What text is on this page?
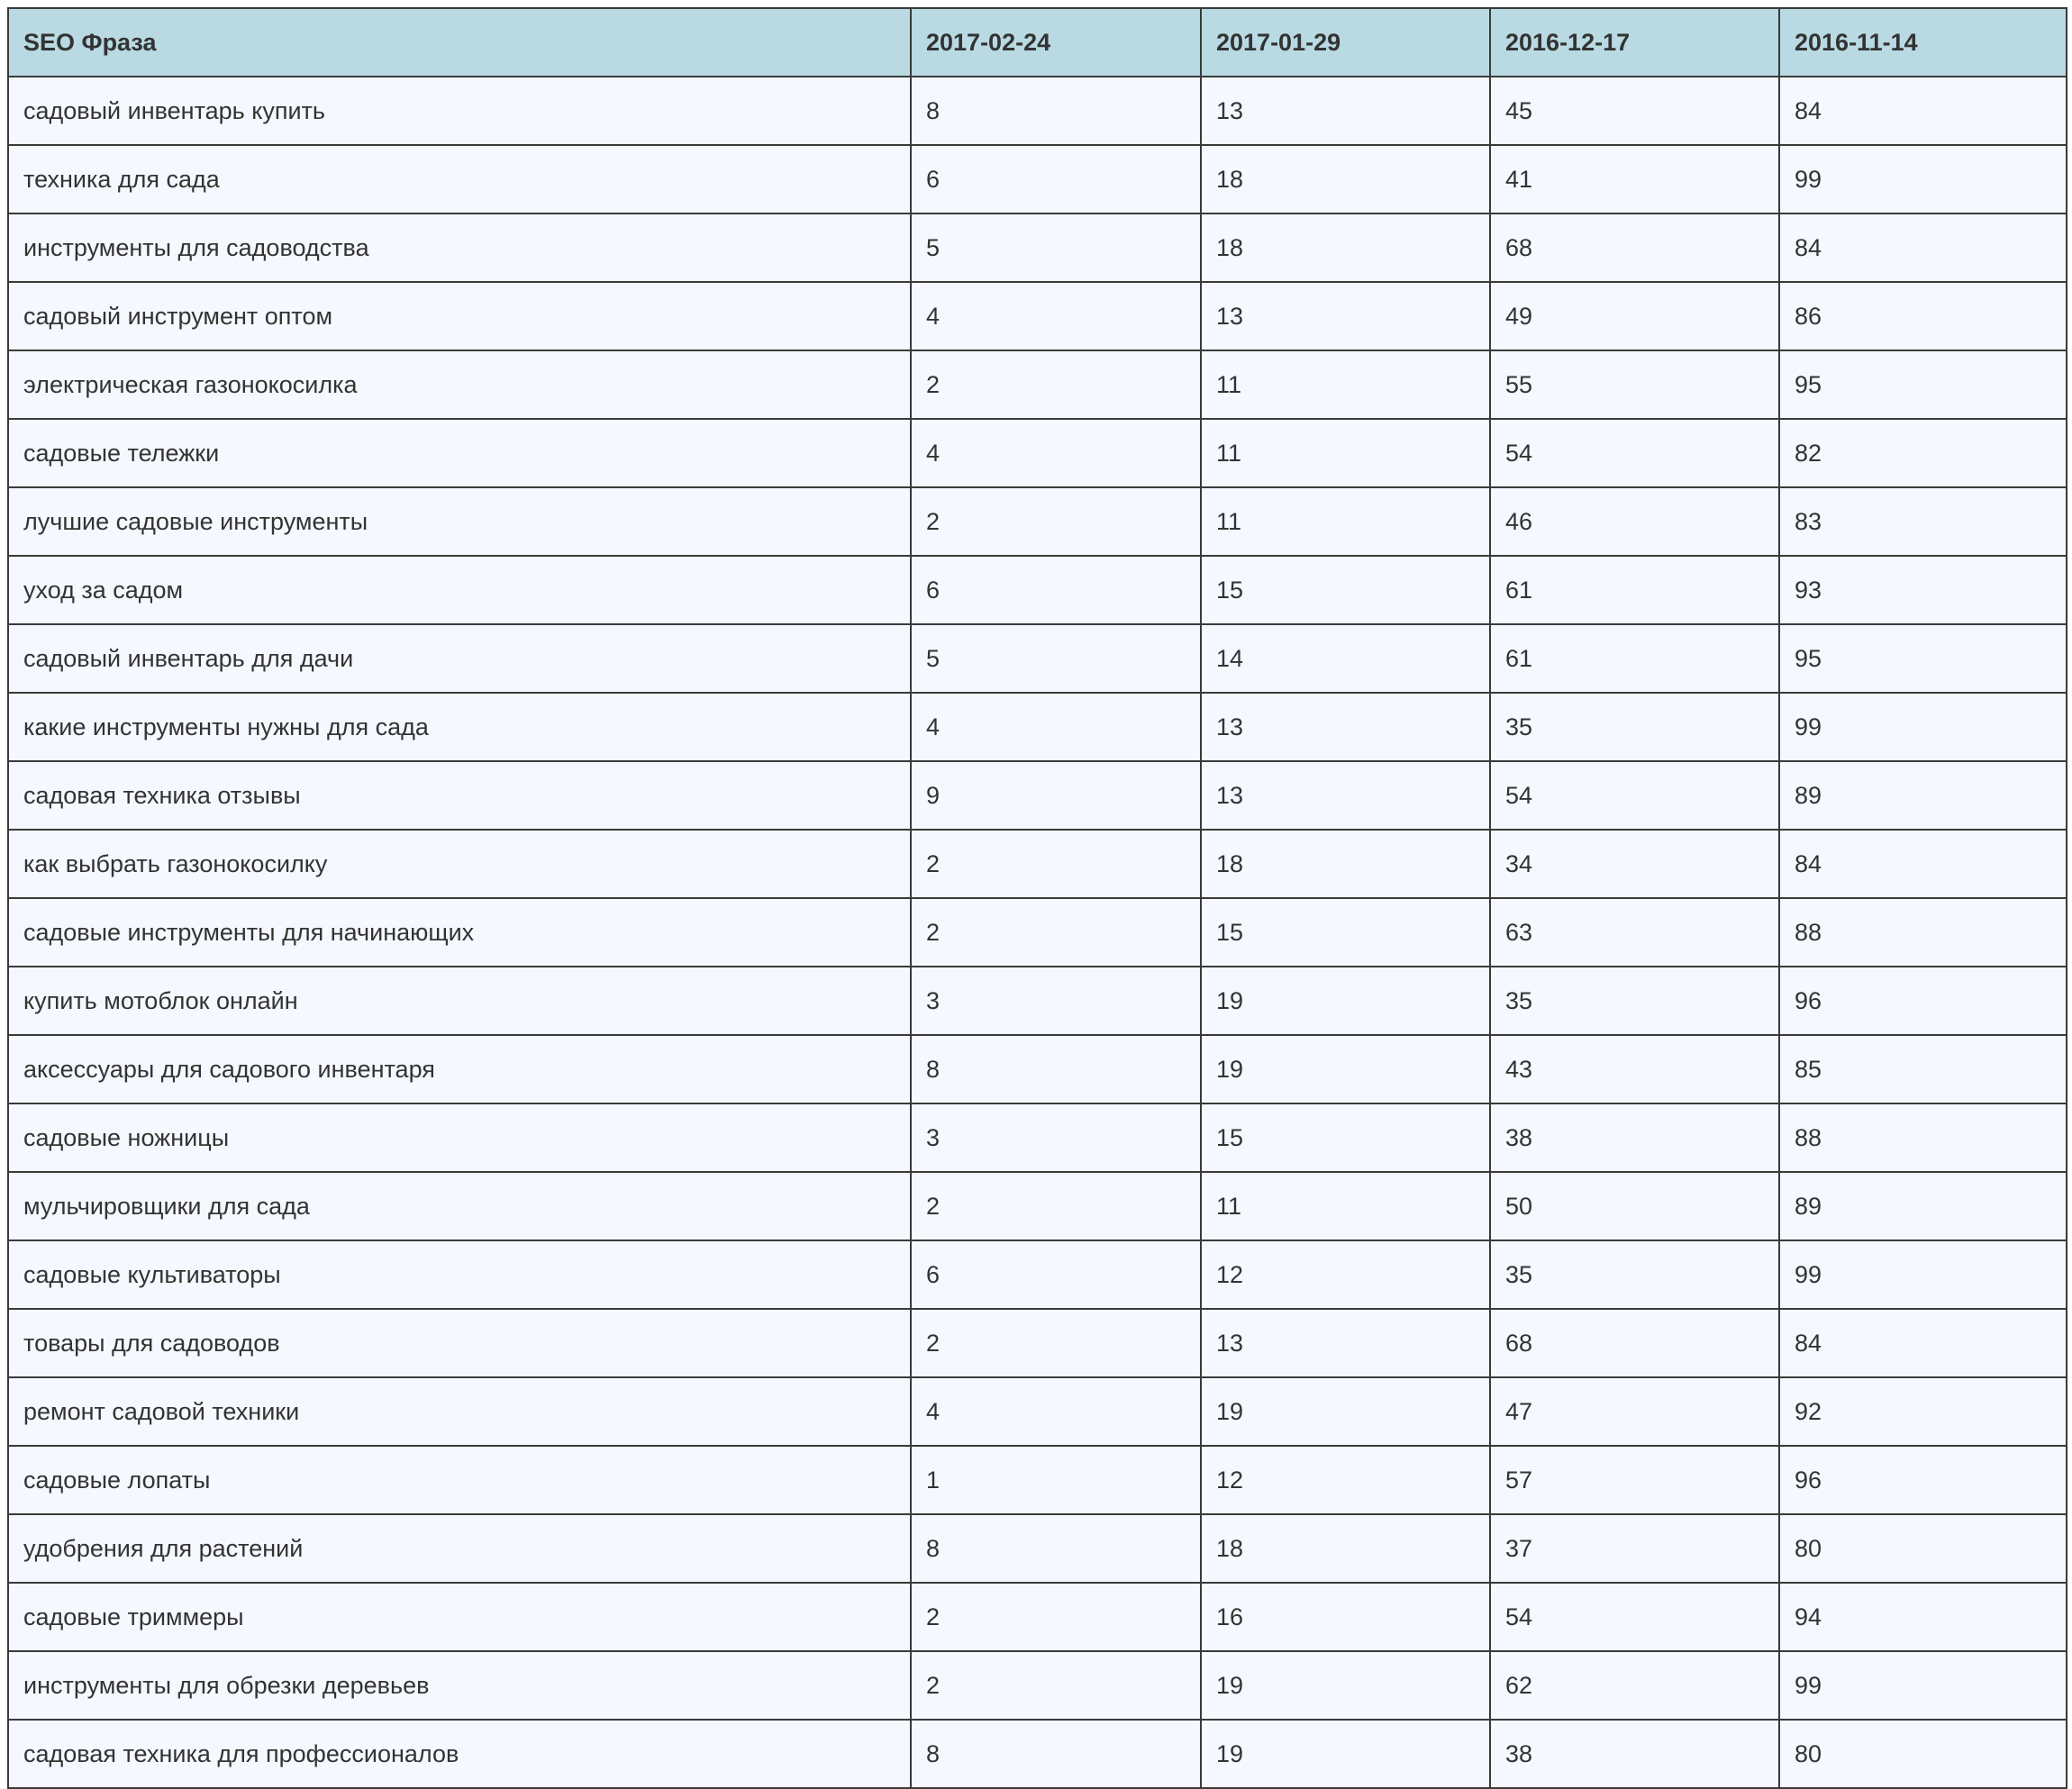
SEO Фраза	2017-02-24	2017-01-29	2016-12-17	2016-11-14
садовый инвентарь купить	8	13	45	84
техника для сада	6	18	41	99
инструменты для садоводства	5	18	68	84
садовый инструмент оптом	4	13	49	86
электрическая газонокосилка	2	11	55	95
садовые тележки	4	11	54	82
лучшие садовые инструменты	2	11	46	83
уход за садом	6	15	61	93
садовый инвентарь для дачи	5	14	61	95
какие инструменты нужны для сада	4	13	35	99
садовая техника отзывы	9	13	54	89
как выбрать газонокосилку	2	18	34	84
садовые инструменты для начинающих	2	15	63	88
купить мотоблок онлайн	3	19	35	96
аксессуары для садового инвентаря	8	19	43	85
садовые ножницы	3	15	38	88
мульчировщики для сада	2	11	50	89
садовые культиваторы	6	12	35	99
товары для садоводов	2	13	68	84
ремонт садовой техники	4	19	47	92
садовые лопаты	1	12	57	96
удобрения для растений	8	18	37	80
садовые триммеры	2	16	54	94
инструменты для обрезки деревьев	2	19	62	99
садовая техника для профессионалов	8	19	38	80
